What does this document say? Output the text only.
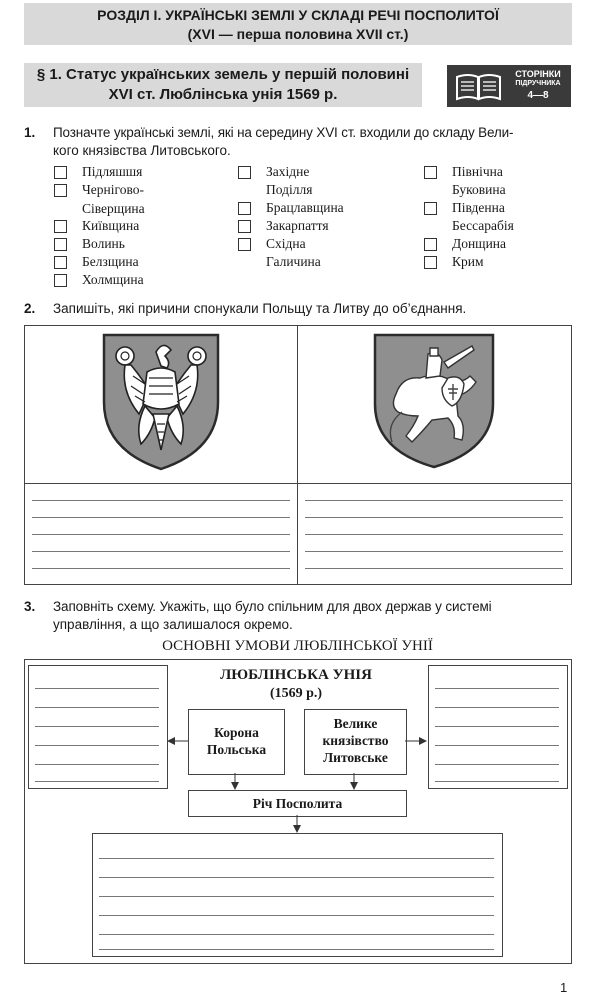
РОЗДІЛ І. УКРАЇНСЬКІ ЗЕМЛІ У СКЛАДІ РЕЧІ ПОСПОЛИТОЇ
(XVI — перша половина XVII ст.)
§ 1. Статус українських земель у першій половині
XVI ст. Люблінська унія 1569 р.
СТОРІНКИ
ПІДРУЧНИКА
4—8
1. Позначте українські землі, які на середину XVI ст. входили до складу Вели-
кого князівства Литовського.
Підляшшя
Чернігово-
Сіверщина
Київщина
Волинь
Белзщина
Холмщина
Західне
Поділля
Брацлавщина
Закарпаття
Східна
Галичина
Північна
Буковина
Південна
Бессарабія
Донщина
Крим
2. Запишіть, які причини спонукали Польщу та Литву до об’єднання.
3. Заповніть схему. Укажіть, що було спільним для двох держав у системі
управління, а що залишалося окремо.
ОСНОВНІ УМОВИ ЛЮБЛІНСЬКОЇ УНІЇ
ЛЮБЛІНСЬКА УНІЯ
(1569 р.)
Корона
Польська
Велике
князівство
Литовське
Річ Посполита
1
